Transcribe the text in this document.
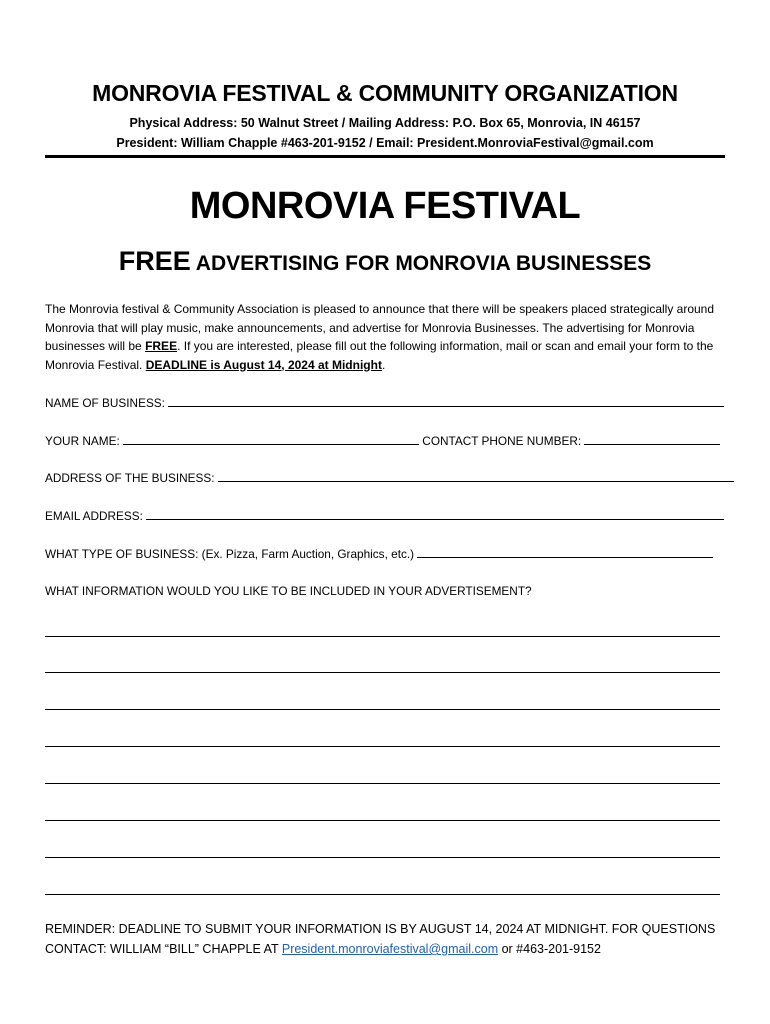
MONROVIA FESTIVAL & COMMUNITY ORGANIZATION
Physical Address: 50 Walnut Street / Mailing Address: P.O. Box 65, Monrovia, IN 46157
President: William Chapple #463-201-9152 / Email: President.MonroviaFestival@gmail.com
MONROVIA FESTIVAL
FREE ADVERTISING FOR MONROVIA BUSINESSES
The Monrovia festival & Community Association is pleased to announce that there will be speakers placed strategically around Monrovia that will play music, make announcements, and advertise for Monrovia Businesses. The advertising for Monrovia businesses will be FREE. If you are interested, please fill out the following information, mail or scan and email your form to the Monrovia Festival. DEADLINE is August 14, 2024 at Midnight.
NAME OF BUSINESS:
YOUR NAME:	CONTACT PHONE NUMBER:
ADDRESS OF THE BUSINESS:
EMAIL ADDRESS:
WHAT TYPE OF BUSINESS: (Ex. Pizza, Farm Auction, Graphics, etc.)
WHAT INFORMATION WOULD YOU LIKE TO BE INCLUDED IN YOUR ADVERTISEMENT?
REMINDER: DEADLINE TO SUBMIT YOUR INFORMATION IS BY AUGUST 14, 2024 AT MIDNIGHT. FOR QUESTIONS
CONTACT: WILLIAM “BILL” CHAPPLE AT President.monroviafestival@gmail.com or #463-201-9152
